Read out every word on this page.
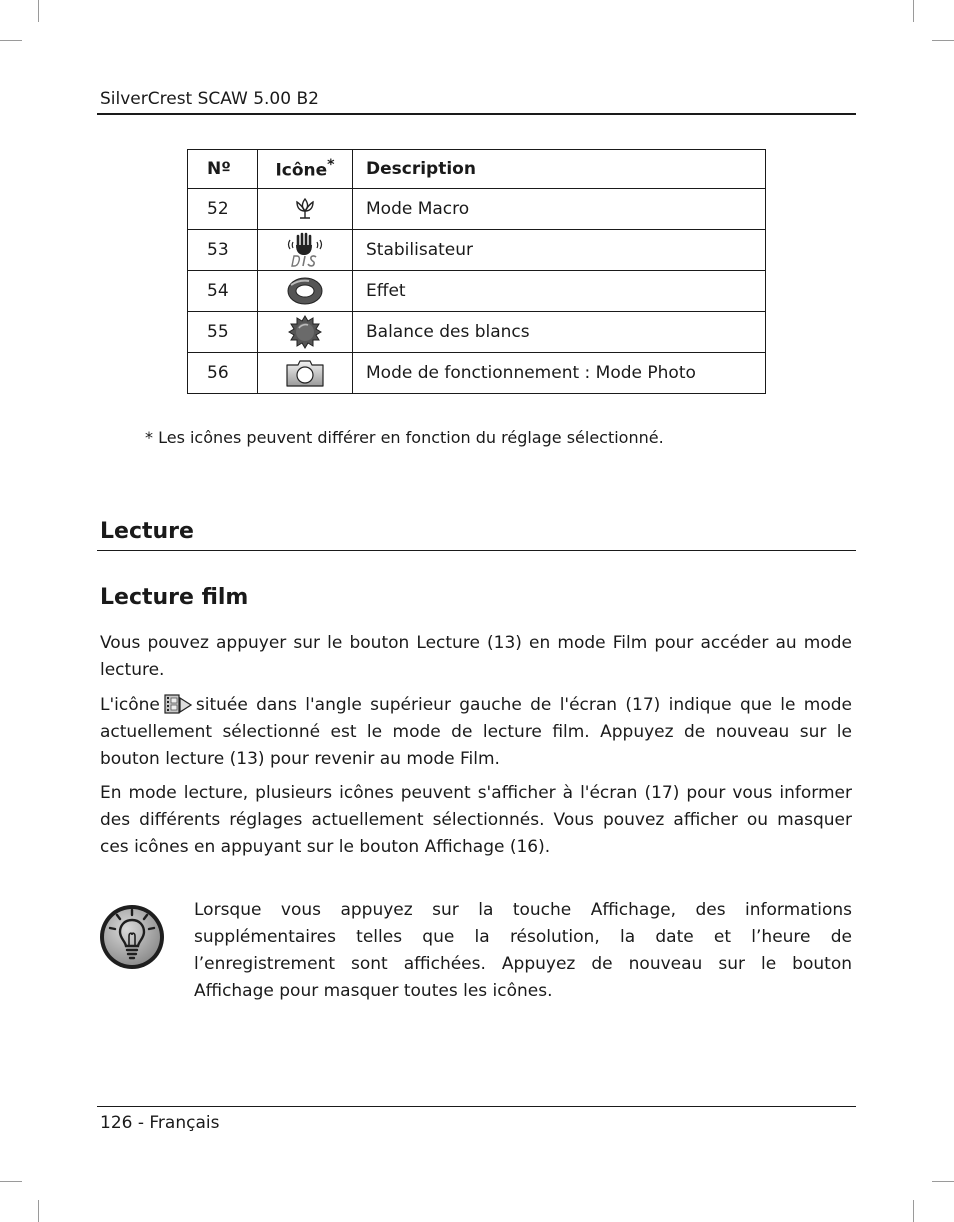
SilverCrest SCAW 5.00 B2
Nº	Icône*	Description
52		Mode Macro
53		Stabilisateur
54		Effet
55		Balance des blancs
56		Mode de fonctionnement : Mode Photo
* Les icônes peuvent différer en fonction du réglage sélectionné.
Lecture
Lecture film

Vous pouvez appuyer sur le bouton Lecture (13) en mode Film pour accéder au mode lecture.

L'icône située dans l'angle supérieur gauche de l'écran (17) indique que le mode actuellement sélectionné est le mode de lecture film. Appuyez de nouveau sur le bouton lecture (13) pour revenir au mode Film.

En mode lecture, plusieurs icônes peuvent s'afficher à l'écran (17) pour vous informer des différents réglages actuellement sélectionnés. Vous pouvez afficher ou masquer ces icônes en appuyant sur le bouton Affichage (16).

Lorsque vous appuyez sur la touche Affichage, des informations supplémentaires telles que la résolution, la date et l’heure de l’enregistrement sont affichées. Appuyez de nouveau sur le bouton Affichage pour masquer toutes les icônes.

126 - Français
